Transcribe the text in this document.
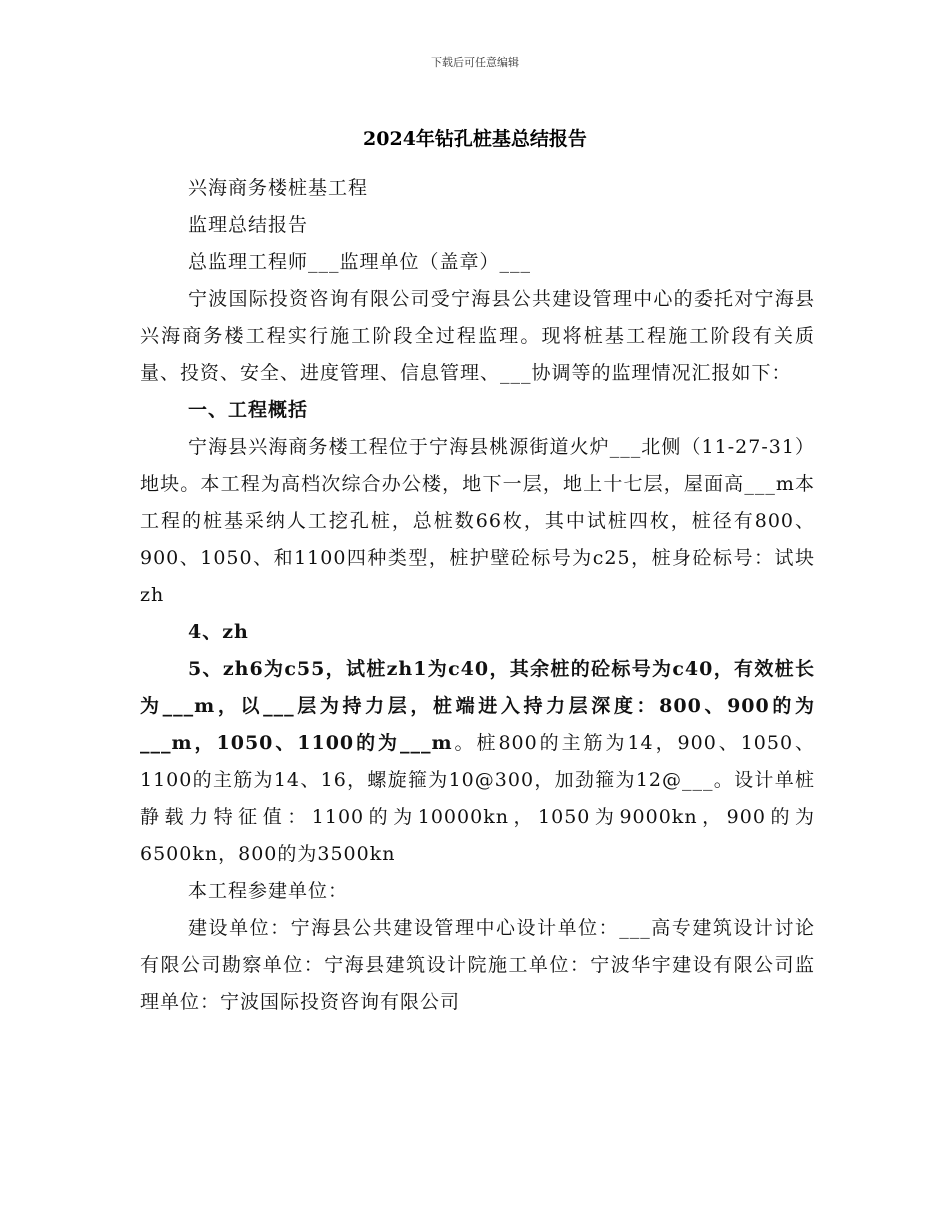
下载后可任意编辑
2024年钻孔桩基总结报告

兴海商务楼桩基工程

监理总结报告

总监理工程师___监理单位（盖章）___

宁波国际投资咨询有限公司受宁海县公共建设管理中心的委托对宁海县兴海商务楼工程实行施工阶段全过程监理。现将桩基工程施工阶段有关质量、投资、安全、进度管理、信息管理、___协调等的监理情况汇报如下：

一、工程概括

宁海县兴海商务楼工程位于宁海县桃源街道火炉___北侧（11-27-31）地块。本工程为高档次综合办公楼，地下一层，地上十七层，屋面高___m本工程的桩基采纳人工挖孔桩，总桩数66枚，其中试桩四枚，桩径有800、900、1050、和1100四种类型，桩护壁砼标号为c25，桩身砼标号：试块zh

4、zh

5、zh6为c55，试桩zh1为c40，其余桩的砼标号为c40，有效桩长为___m，以___层为持力层，桩端进入持力层深度：800、900的为___m，1050、1100的为___m。桩800的主筋为14，900、1050、1100的主筋为14、16，螺旋箍为10@300，加劲箍为12@___。设计单桩静载力特征值：1100的为10000kn，1050为9000kn，900的为6500kn，800的为3500kn

本工程参建单位：

建设单位：宁海县公共建设管理中心设计单位：___高专建筑设计讨论有限公司勘察单位：宁海县建筑设计院施工单位：宁波华宇建设有限公司监理单位：宁波国际投资咨询有限公司
